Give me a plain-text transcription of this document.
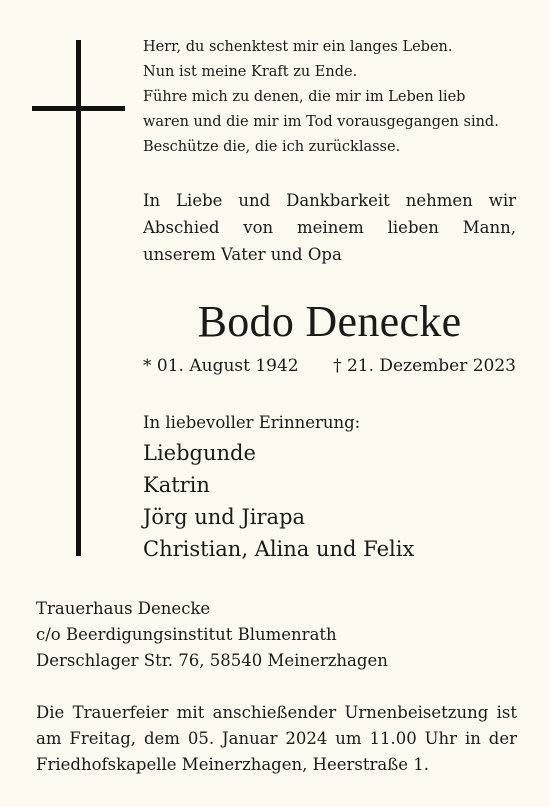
Herr, du schenktest mir ein langes Leben.
Nun ist meine Kraft zu Ende.
Führe mich zu denen, die mir im Leben lieb
waren und die mir im Tod vorausgegangen sind.
Beschütze die, die ich zurücklasse.
In Liebe und Dankbarkeit nehmen wir
Abschied von meinem lieben Mann,
unserem Vater und Opa
Bodo Denecke
* 01. August 1942 † 21. Dezember 2023
In liebevoller Erinnerung:
Liebgunde
Katrin
Jörg und Jirapa
Christian, Alina und Felix
Trauerhaus Denecke
c/o Beerdigungsinstitut Blumenrath
Derschlager Str. 76, 58540 Meinerzhagen
Die Trauerfeier mit anschießender Urnenbeisetzung ist
am Freitag, dem 05. Januar 2024 um 11.00 Uhr in der
Friedhofskapelle Meinerzhagen, Heerstraße 1.
